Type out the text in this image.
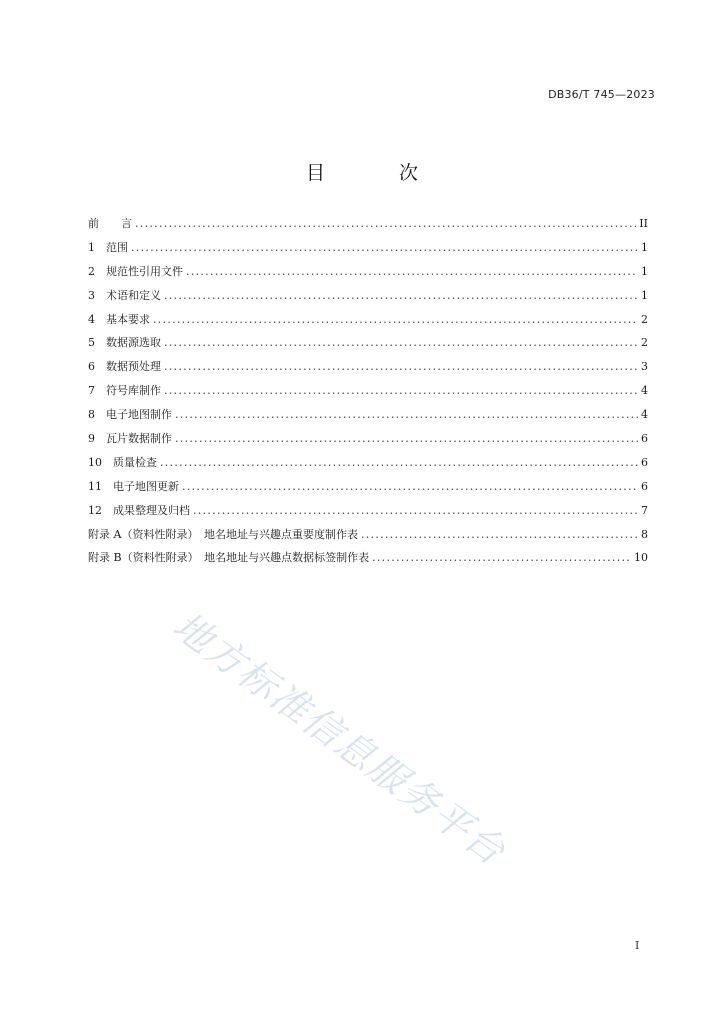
DB36/T 745—2023
目 次
前　　言 .....	II
1　范围 .....	1
2　规范性引用文件 .....	1
3　术语和定义 .....	1
4　基本要求 .....	2
5　数据源选取 .....	2
6　数据预处理 .....	3
7　符号库制作 .....	4
8　电子地图制作 .....	4
9　瓦片数据制作 .....	6
10　质量检查 .....	6
11　电子地图更新 .....	6
12　成果整理及归档 .....	7
附录 A（资料性附录）　地名地址与兴趣点重要度制作表 .....	8
附录 B（资料性附录）　地名地址与兴趣点数据标签制作表 .....	10
地方标准信息服务平台
I
